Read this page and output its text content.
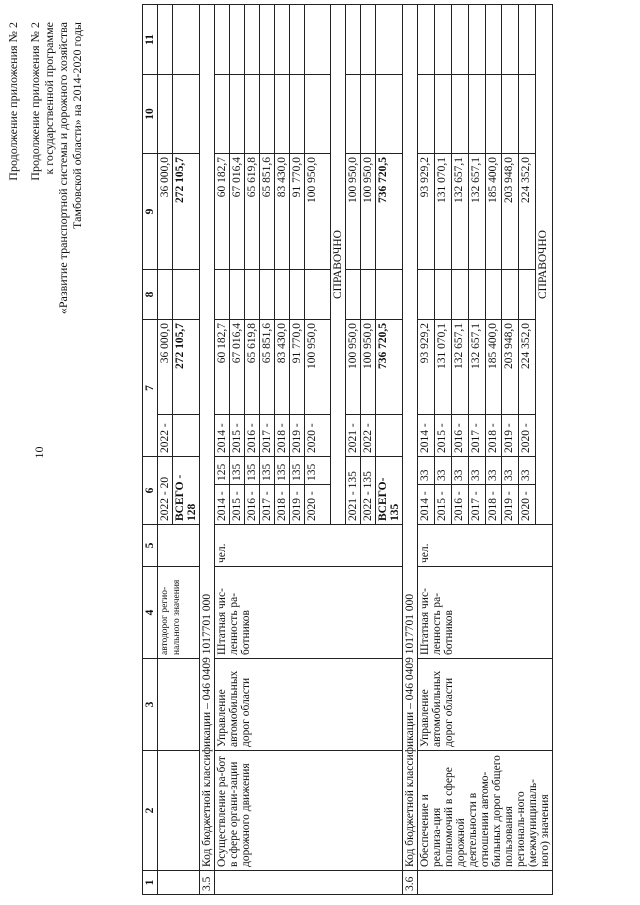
Продолжение приложения № 2 Продолжение приложения № 2 к государственной программе «Развитие транспортной системы и дорожного хозяйства Тамбовской области» на 2014-2020 годы
10
1	2	3	4	5	6		7		8	9	10	11
			автодорог регио-нального значения		2022 - 20		2022 -	36 000,0		36 000,0		
					ВСЕГО - 128			272 105,7		272 105,7		
3.5	Код бюджетной классификации – 046 0409 1017701 000											
	Осуществление ра-бот в сфере органи-зации дорожного движения	Управление автомобильных дорог области	Штатная чис-ленность ра-ботников	чел.	2014 -	125	2014 -	60 182,7		60 182,7		
					2015 -	135	2015 -	67 016,4		67 016,4		
					2016 -	135	2016 -	65 619,8		65 619,8		
					2017 -	135	2017 -	65 851,6		65 851,6		
					2018 -	135	2018 -	83 430,0		83 430,0		
					2019 -	135	2019 -	91 770,0		91 770,0		
					2020 -	135	2020 -	100 950,0		100 950,0		
					СПРАВОЧНО							
					2021 - 135		2021 -	100 950,0		100 950,0		
					2022 - 135		2022 -	100 950,0		100 950,0		
					ВСЕГО- 135			736 720,5		736 720,5		
3.6	Код бюджетной классификации – 046 0409 1017701 000											
	Обеспечение и реализа-ция полномочий в сфере дорожной деятельности в отношении автомо-бильных дорог общего пользования региональ-ного (межмуниципаль-ного) значения	Управление автомобильных дорог области	Штатная чис-ленность ра-ботников	чел.	2014 -	33	2014 -	93 929,2		93 929,2		
					2015 -	33	2015 -	131 070,1		131 070,1		
					2016 -	33	2016 -	132 657,1		132 657,1		
					2017 -	33	2017 -	132 657,1		132 657,1		
					2018 -	33	2018 -	185 400,0		185 400,0		
					2019 -	33	2019 -	203 948,0		203 948,0		
					2020 -	33	2020 -	224 352,0		224 352,0		
					СПРАВОЧНО							
